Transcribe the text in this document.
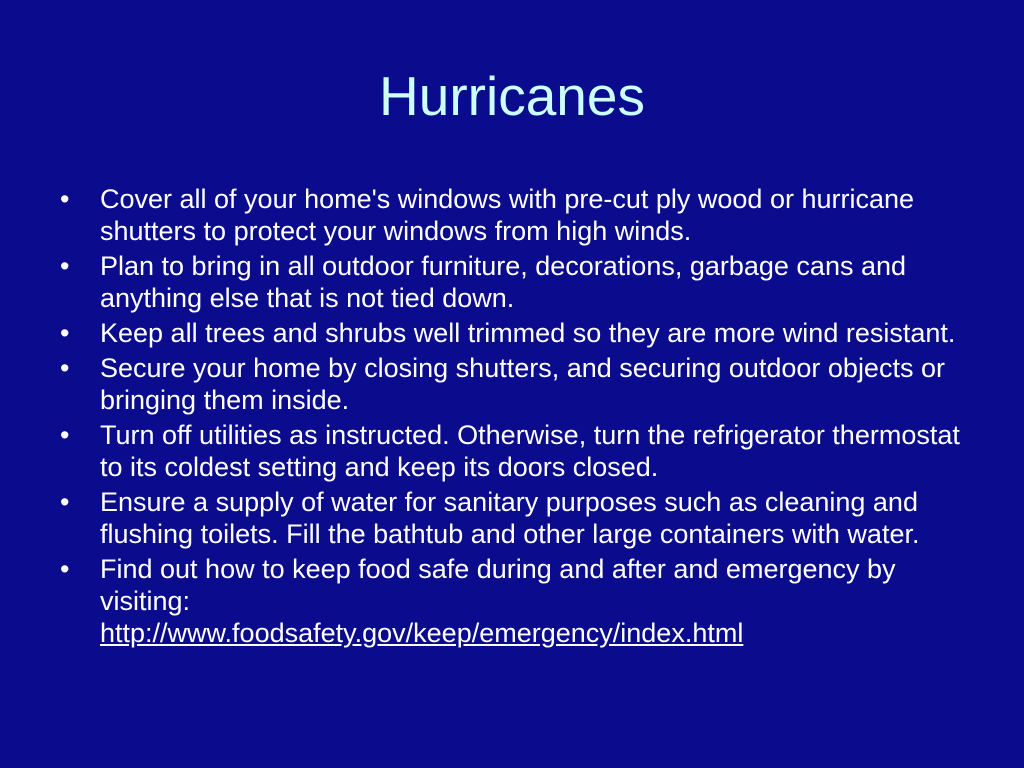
Hurricanes
• Cover all of your home's windows with pre-cut ply wood or hurricane shutters to protect your windows from high winds.
• Plan to bring in all outdoor furniture, decorations, garbage cans and anything else that is not tied down.
• Keep all trees and shrubs well trimmed so they are more wind resistant.
• Secure your home by closing shutters, and securing outdoor objects or bringing them inside.
• Turn off utilities as instructed. Otherwise, turn the refrigerator thermostat to its coldest setting and keep its doors closed.
• Ensure a supply of water for sanitary purposes such as cleaning and flushing toilets. Fill the bathtub and other large containers with water.
• Find out how to keep food safe during and after and emergency by visiting:
http://www.foodsafety.gov/keep/emergency/index.html
